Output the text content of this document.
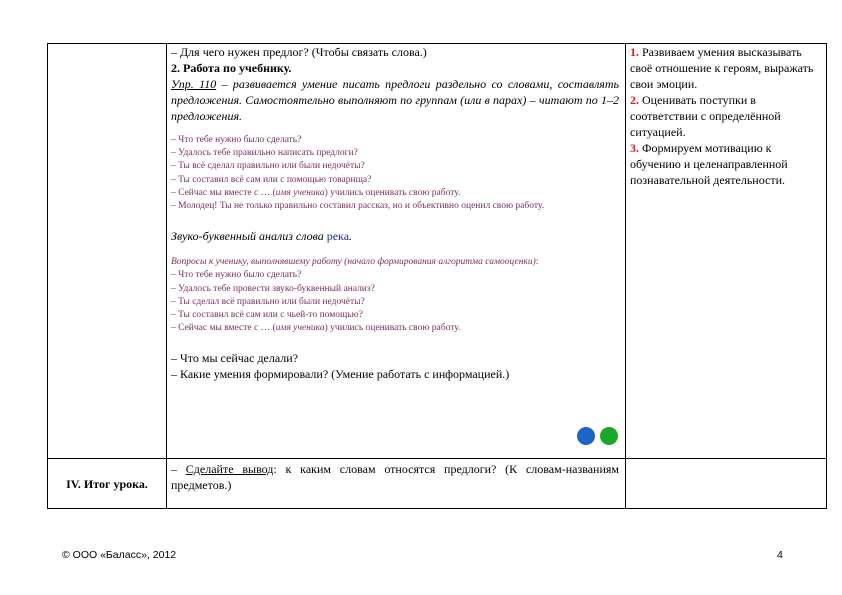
IV. Итог урока.

– Для чего нужен предлог? (Чтобы связать слова.)

2. Работа по учебнику.

Упр. 110 – развивается умение писать предлоги раздельно со словами, составлять предложения. Самостоятельно выполняют по группам (или в парах) – читают по 1–2 предложения.

– Что тебе нужно было сделать?

– Удалось тебе правильно написать предлоги?

– Ты всё сделал правильно или были недочёты?

– Ты составил всё сам или с помощью товарища?

– Сейчас мы вместе с … (имя ученика) учились оценивать свою работу.

– Молодец! Ты не только правильно составил рассказ, но и объективно оценил свою работу.

Звуко-буквенный анализ слова река.

Вопросы к ученику, выполнявшему работу (начало формирования алгоритма самооценки):

– Что тебе нужно было сделать?

– Удалось тебе провести звуко-буквенный анализ?

– Ты сделал всё правильно или были недочёты?

– Ты составил всё сам или с чьей-то помощью?

– Сейчас мы вместе с … (имя ученика) учились оценивать свою работу.

– Что мы сейчас делали?

– Какие умения формировали? (Умение работать с информацией.)

– Сделайте вывод: к каким словам относятся предлоги? (К словам-названиям предметов.)

1. Развиваем умения высказывать своё отношение к героям, выражать свои эмоции.

2. Оценивать поступки в соответствии с определённой ситуацией.

3. Формируем мотивацию к обучению и целенаправленной познавательной деятельности.

© ООО «Баласс», 2012	4
